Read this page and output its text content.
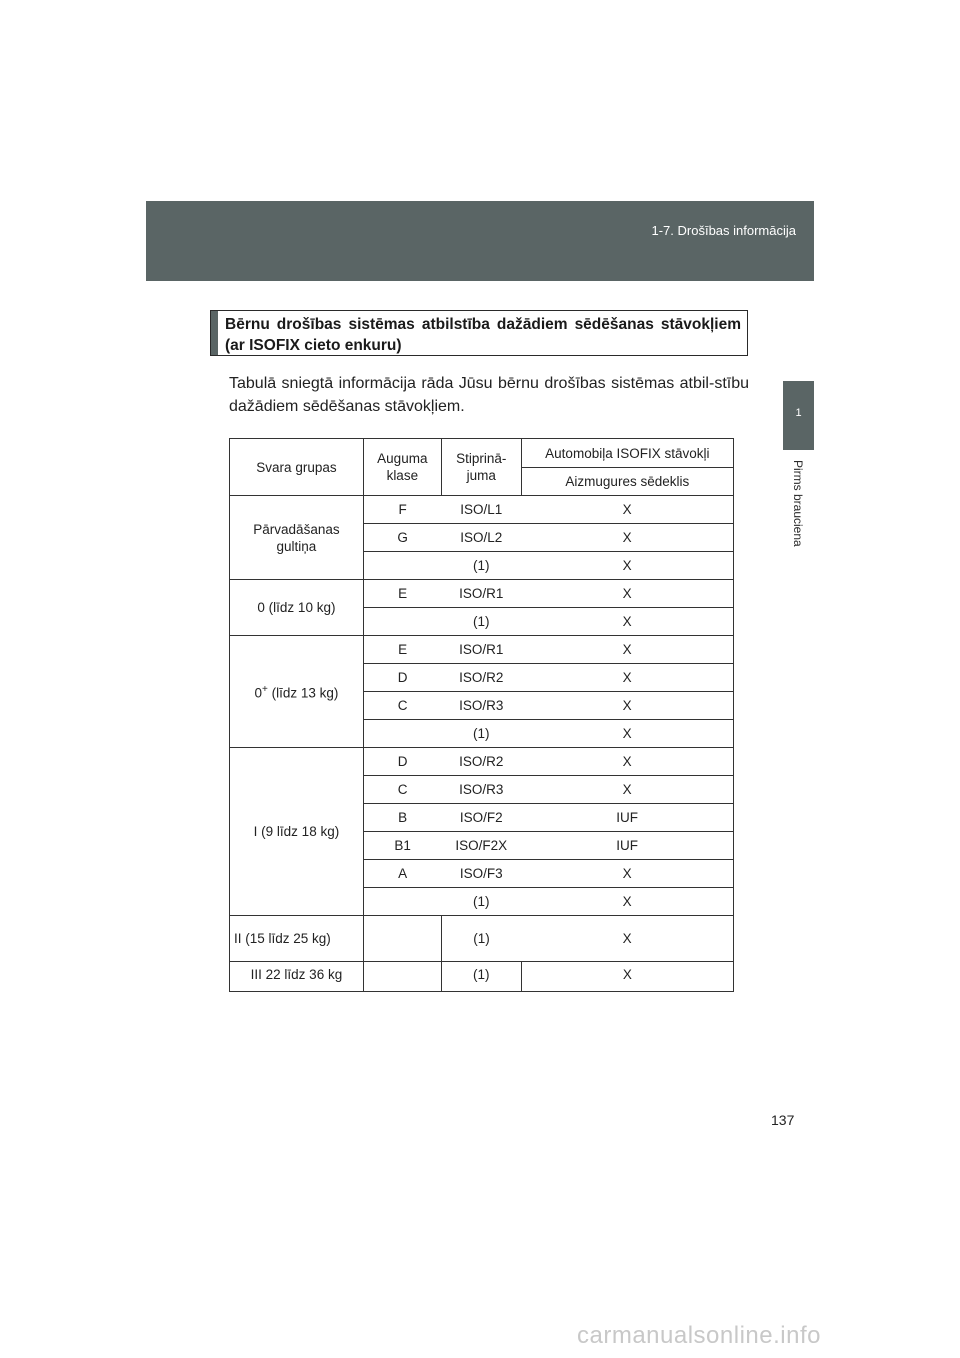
1-7. Drošības informācija
1
Pirms brauciena
Bērnu drošības sistēmas atbilstība dažādiem sēdēšanas stāvokļiem (ar ISOFIX cieto enkuru)
Tabulā sniegtā informācija rāda Jūsu bērnu drošības sistēmas atbil-stību dažādiem sēdēšanas stāvokļiem.
Svara grupas	Auguma klase	Stiprinā-juma	Automobiļa ISOFIX stāvokļi
			Aizmugures sēdeklis

Pārvadāšanas gultiņa	F	ISO/L1	X
	G	ISO/L2	X
		(1)	X
0 (līdz 10 kg)	E	ISO/R1	X
		(1)	X
0+ (līdz 13 kg)	E	ISO/R1	X
	D	ISO/R2	X
	C	ISO/R3	X
		(1)	X
I (9 līdz 18 kg)	D	ISO/R2	X
	C	ISO/R3	X
	B	ISO/F2	IUF
	B1	ISO/F2X	IUF
	A	ISO/F3	X
		(1)	X

II (15 līdz 25 kg)		(1)	X
III 22 līdz 36 kg		(1)	X
137
carmanualsonline.info
